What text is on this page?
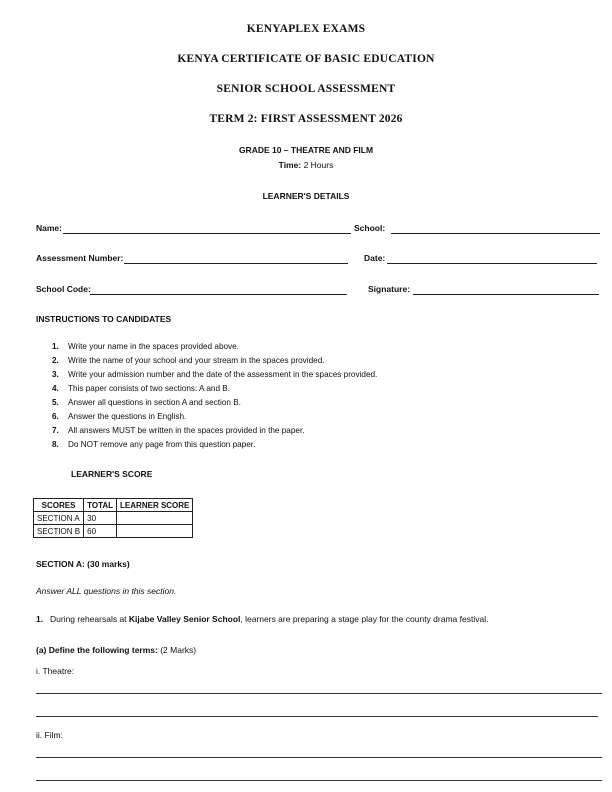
KENYAPLEX EXAMS
KENYA CERTIFICATE OF BASIC EDUCATION
SENIOR SCHOOL ASSESSMENT
TERM 2: FIRST ASSESSMENT 2026
GRADE 10 – THEATRE AND FILM
Time: 2 Hours
LEARNER'S DETAILS
Name:	School:
Assessment Number:	Date:
School Code:	Signature:
INSTRUCTIONS TO CANDIDATES
1. Write your name in the spaces provided above.
2. Write the name of your school and your stream in the spaces provided.
3. Write your admission number and the date of the assessment in the spaces provided.
4. This paper consists of two sections: A and B.
5. Answer all questions in section A and section B.
6. Answer the questions in English.
7. All answers MUST be written in the spaces provided in the paper.
8. Do NOT remove any page from this question paper.
LEARNER'S SCORE
SCORES	TOTAL	LEARNER SCORE
SECTION A	30	
SECTION B	60	
SECTION A: (30 marks)
Answer ALL questions in this section.
1. During rehearsals at Kijabe Valley Senior School, learners are preparing a stage play for the county drama festival.
(a) Define the following terms: (2 Marks)
i. Theatre:
ii. Film:
